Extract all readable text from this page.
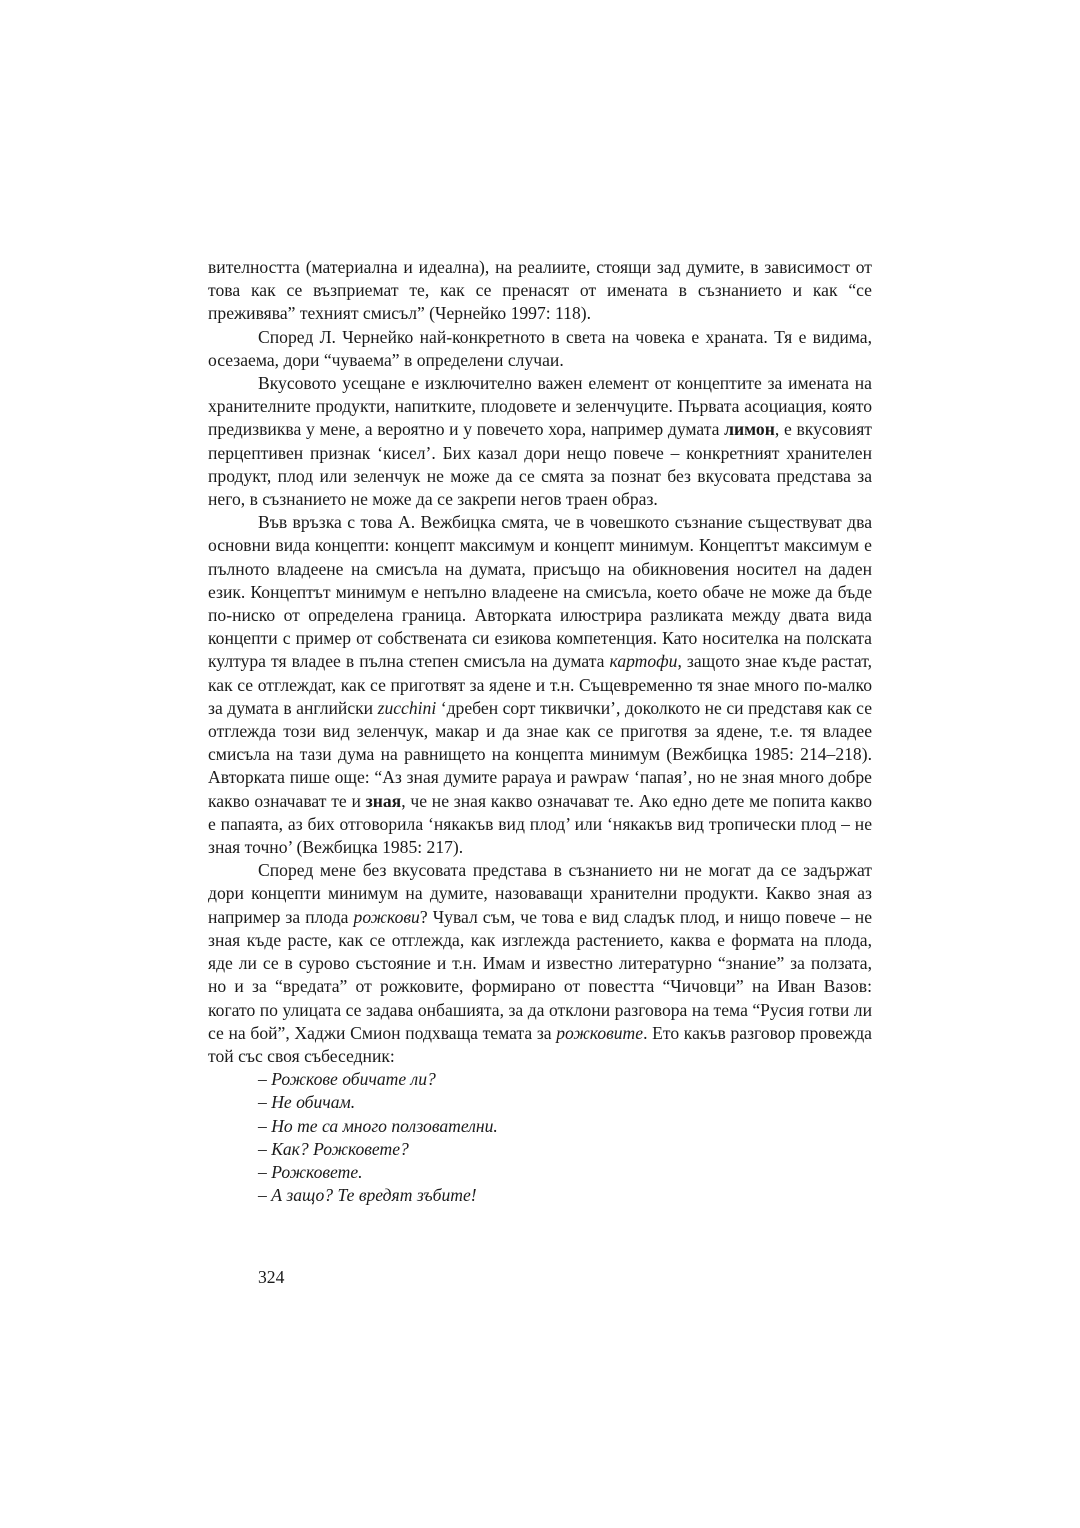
вителността (материална и идеална), на реалиите, стоящи зад думите, в зависимост от това как се възприемат те, как се пренасят от имената в съзнанието и как “се преживява” техният смисъл” (Чернейко 1997: 118).

Според Л. Чернейко най-конкретното в света на човека е храната. Тя е видима, осезаема, дори “чуваема” в определени случаи.

Вкусовото усещане е изключително важен елемент от концептите за имената на хранителните продукти, напитките, плодовете и зеленчуците. Първата асоциация, която предизвиква у мене, а вероятно и у повечето хора, например думата лимон, е вкусовият перцептивен признак ‘кисел’. Бих казал дори нещо повече – конкретният хранителен продукт, плод или зеленчук не може да се смята за познат без вкусовата представа за него, в съзнанието не може да се закрепи негов траен образ.

Във връзка с това А. Вежбицка смята, че в човешкото съзнание съществуват два основни вида концепти: концепт максимум и концепт минимум. Концептът максимум е пълното владеене на смисъла на думата, присъщо на обикновения носител на даден език. Концептът минимум е непълно владеене на смисъла, което обаче не може да бъде по-ниско от определена граница. Авторката илюстрира разликата между двата вида концепти с пример от собствената си езикова компетенция. Като носителка на полската култура тя владее в пълна степен смисъла на думата картофи, защото знае къде растат, как се отглеждат, как се приготвят за ядене и т.н. Същевременно тя знае много по-малко за думата в английски zucchini ‘дребен сорт тиквички’, доколкото не си представя как се отглежда този вид зеленчук, макар и да знае как се приготвя за ядене, т.е. тя владее смисъла на тази дума на равнището на концепта минимум (Вежбицка 1985: 214–218). Авторката пише още: “Аз зная думите papaya и pawpaw ‘папая’, но не зная много добре какво означават те и зная, че не зная какво означават те. Ако едно дете ме попита какво е папаята, аз бих отговорила ‘някакъв вид плод’ или ‘някакъв вид тропически плод – не зная точно’ (Вежбицка 1985: 217).

Според мене без вкусовата представа в съзнанието ни не могат да се задържат дори концепти минимум на думите, назоваващи хранителни продукти. Какво зная аз например за плода рожкови? Чувал съм, че това е вид сладък плод, и нищо повече – не зная къде расте, как се отглежда, как изглежда растението, каква е формата на плода, яде ли се в сурово състояние и т.н. Имам и известно литературно “знание” за ползата, но и за “вредата” от рожковите, формирано от повестта “Чичовци” на Иван Вазов: когато по улицата се задава онбашията, за да отклони разговора на тема “Русия готви ли се на бой”, Хаджи Смион подхваща темата за рожковите. Ето какъв разговор провежда той със своя събеседник:

– Рожкове обичате ли?

– Не обичам.

– Но те са много ползователни.

– Как? Рожковете?

– Рожковете.

– А защо? Те вредят зъбите!

324
